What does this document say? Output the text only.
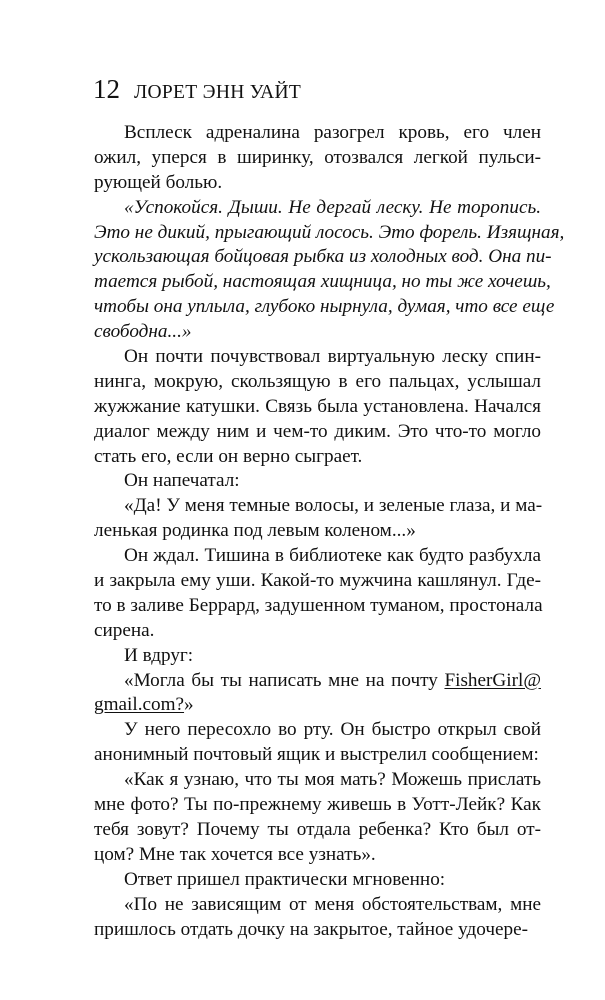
12 ЛОРЕТ ЭНН УАЙТ
Всплеск адреналина разогрел кровь, его член
ожил, уперся в ширинку, отозвался легкой пульси-
рующей болью.
«Успокойся. Дыши. Не дергай леску. Не торопись.
Это не дикий, прыгающий лосось. Это форель. Изящная,
ускользающая бойцовая рыбка из холодных вод. Она пи-
тается рыбой, настоящая хищница, но ты же хочешь,
чтобы она уплыла, глубоко нырнула, думая, что все еще
свободна...»
Он почти почувствовал виртуальную леску спин-
нинга, мокрую, скользящую в его пальцах, услышал
жужжание катушки. Связь была установлена. Начался
диалог между ним и чем-то диким. Это что-то могло
стать его, если он верно сыграет.
Он напечатал:
«Да! У меня темные волосы, и зеленые глаза, и ма-
ленькая родинка под левым коленом...»
Он ждал. Тишина в библиотеке как будто разбухла
и закрыла ему уши. Какой-то мужчина кашлянул. Где-
то в заливе Беррард, задушенном туманом, простонала
сирена.
И вдруг:
«Могла бы ты написать мне на почту FisherGirl@
gmail.com?»
У него пересохло во рту. Он быстро открыл свой
анонимный почтовый ящик и выстрелил сообщением:
«Как я узнаю, что ты моя мать? Можешь прислать
мне фото? Ты по-прежнему живешь в Уотт-Лейк? Как
тебя зовут? Почему ты отдала ребенка? Кто был от-
цом? Мне так хочется все узнать».
Ответ пришел практически мгновенно:
«По не зависящим от меня обстоятельствам, мне
пришлось отдать дочку на закрытое, тайное удочере-
